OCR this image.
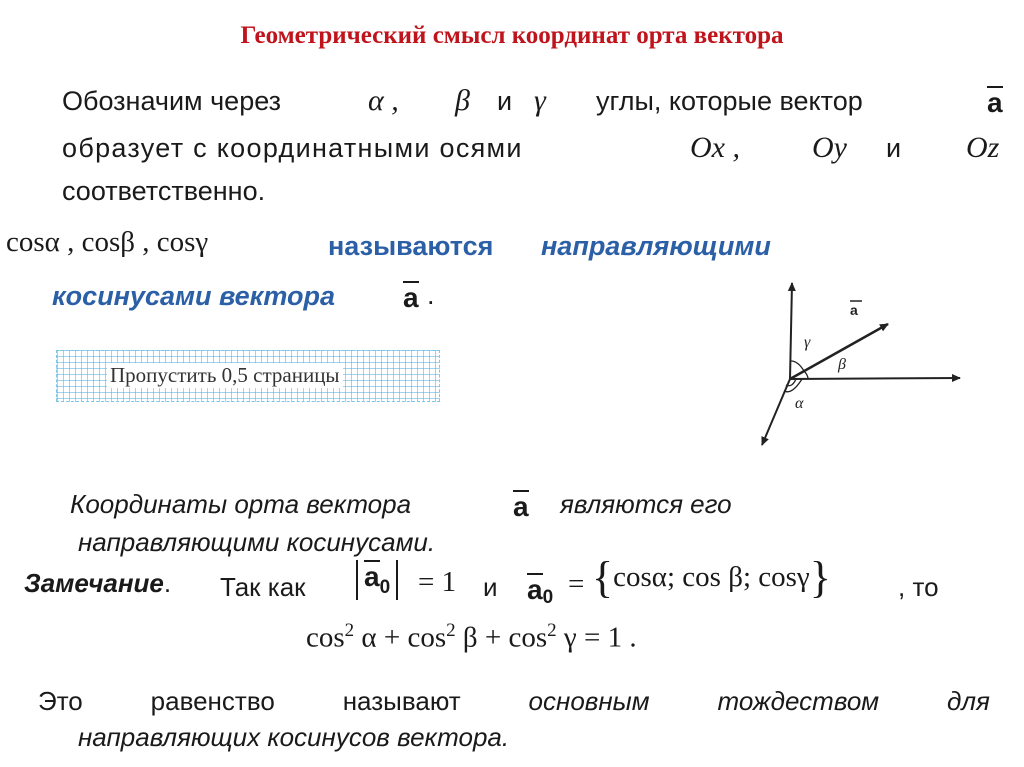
Геометрический смысл координат орта вектора
Обозначим через	α , β и γ углы, которые вектор	a
образует с координатными осями	Ox , Oy и Oz
соответственно.
cosα , cosβ , cosγ	называются направляющими
косинусами вектора a .
Пропустить 0,5 страницы
a
γ
β
α
Координаты орта вектора	a являются его
направляющими косинусами.
Замечание. Так как	$a_0 = 1$ и $a_0 = \{\cos\alpha$; cos β; cosγ}	, то
$\cos^2 \alpha + \cos^2 \beta + \cos^2 \gamma = 1$ .
Это	равенство	называют	основным	тождеством	для
направляющих косинусов вектора.
